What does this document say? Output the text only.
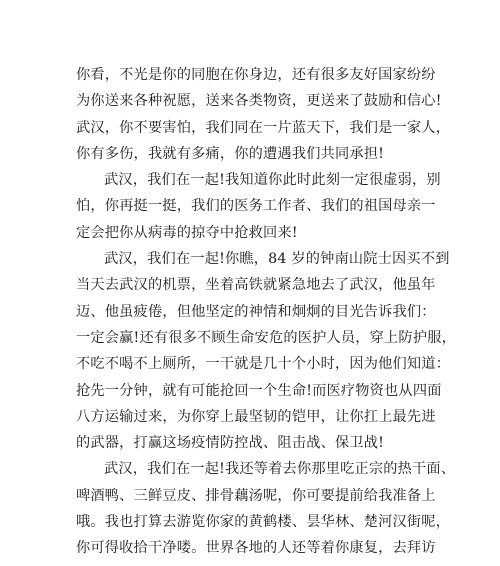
你看，不光是你的同胞在你身边，还有很多友好国家纷纷
为你送来各种祝愿，送来各类物资，更送来了鼓励和信心!
武汉，你不要害怕，我们同在一片蓝天下，我们是一家人，
你有多伤，我就有多痛，你的遭遇我们共同承担!
武汉，我们在一起!我知道你此时此刻一定很虚弱，别
怕，你再挺一挺，我们的医务工作者、我们的祖国母亲一
定会把你从病毒的掠夺中抢救回来!
武汉，我们在一起!你瞧，84 岁的钟南山院士因买不到
当天去武汉的机票，坐着高铁就紧急地去了武汉，他虽年
迈、他虽疲倦，但他坚定的神情和炯炯的目光告诉我们：
一定会赢!还有很多不顾生命安危的医护人员，穿上防护服，
不吃不喝不上厕所，一干就是几十个小时，因为他们知道：
抢先一分钟，就有可能抢回一个生命!而医疗物资也从四面
八方运输过来，为你穿上最坚韧的铠甲，让你扛上最先进
的武器，打赢这场疫情防控战、阻击战、保卫战!
武汉，我们在一起!我还等着去你那里吃正宗的热干面、
啤酒鸭、三鲜豆皮、排骨藕汤呢，你可要提前给我准备上
哦。我也打算去游览你家的黄鹤楼、昙华林、楚河汉街呢，
你可得收拾干净喽。世界各地的人还等着你康复，去拜访
